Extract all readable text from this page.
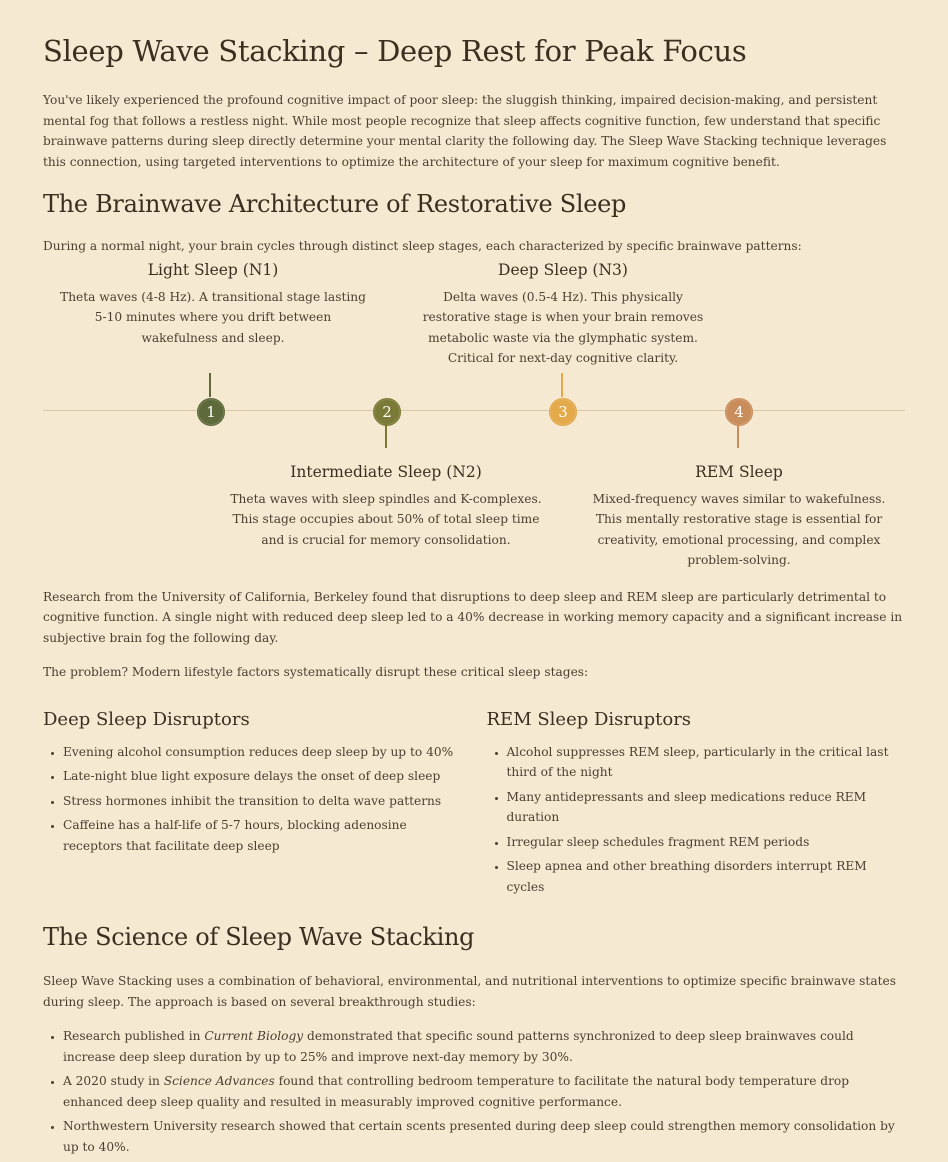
Sleep Wave Stacking – Deep Rest for Peak Focus

You've likely experienced the profound cognitive impact of poor sleep: the sluggish thinking, impaired decision-making, and persistent mental fog that follows a restless night. While most people recognize that sleep affects cognitive function, few understand that specific brainwave patterns during sleep directly determine your mental clarity the following day. The Sleep Wave Stacking technique leverages this connection, using targeted interventions to optimize the architecture of your sleep for maximum cognitive benefit.

The Brainwave Architecture of Restorative Sleep

During a normal night, your brain cycles through distinct sleep stages, each characterized by specific brainwave patterns:

Light Sleep (N1)
Theta waves (4-8 Hz). A transitional stage lasting 5-10 minutes where you drift between wakefulness and sleep.
1	2
Intermediate Sleep (N2)
Theta waves with sleep spindles and K-complexes. This stage occupies about 50% of total sleep time and is crucial for memory consolidation.
Deep Sleep (N3)
Delta waves (0.5-4 Hz). This physically restorative stage is when your brain removes metabolic waste via the glymphatic system. Critical for next-day cognitive clarity.
3	4
REM Sleep
Mixed-frequency waves similar to wakefulness. This mentally restorative stage is essential for creativity, emotional processing, and complex problem-solving.

Research from the University of California, Berkeley found that disruptions to deep sleep and REM sleep are particularly detrimental to cognitive function. A single night with reduced deep sleep led to a 40% decrease in working memory capacity and a significant increase in subjective brain fog the following day.

The problem? Modern lifestyle factors systematically disrupt these critical sleep stages:

Deep Sleep Disruptors
• Evening alcohol consumption reduces deep sleep by up to 40%
• Late-night blue light exposure delays the onset of deep sleep
• Stress hormones inhibit the transition to delta wave patterns
• Caffeine has a half-life of 5-7 hours, blocking adenosine receptors that facilitate deep sleep
REM Sleep Disruptors
• Alcohol suppresses REM sleep, particularly in the critical last third of the night
• Many antidepressants and sleep medications reduce REM duration
• Irregular sleep schedules fragment REM periods
• Sleep apnea and other breathing disorders interrupt REM cycles
The Science of Sleep Wave Stacking

Sleep Wave Stacking uses a combination of behavioral, environmental, and nutritional interventions to optimize specific brainwave states during sleep. The approach is based on several breakthrough studies:

• Research published in Current Biology demonstrated that specific sound patterns synchronized to deep sleep brainwaves could increase deep sleep duration by up to 25% and improve next-day memory by 30%.
• A 2020 study in Science Advances found that controlling bedroom temperature to facilitate the natural body temperature drop enhanced deep sleep quality and resulted in measurably improved cognitive performance.
• Northwestern University research showed that certain scents presented during deep sleep could strengthen memory consolidation by up to 40%.
